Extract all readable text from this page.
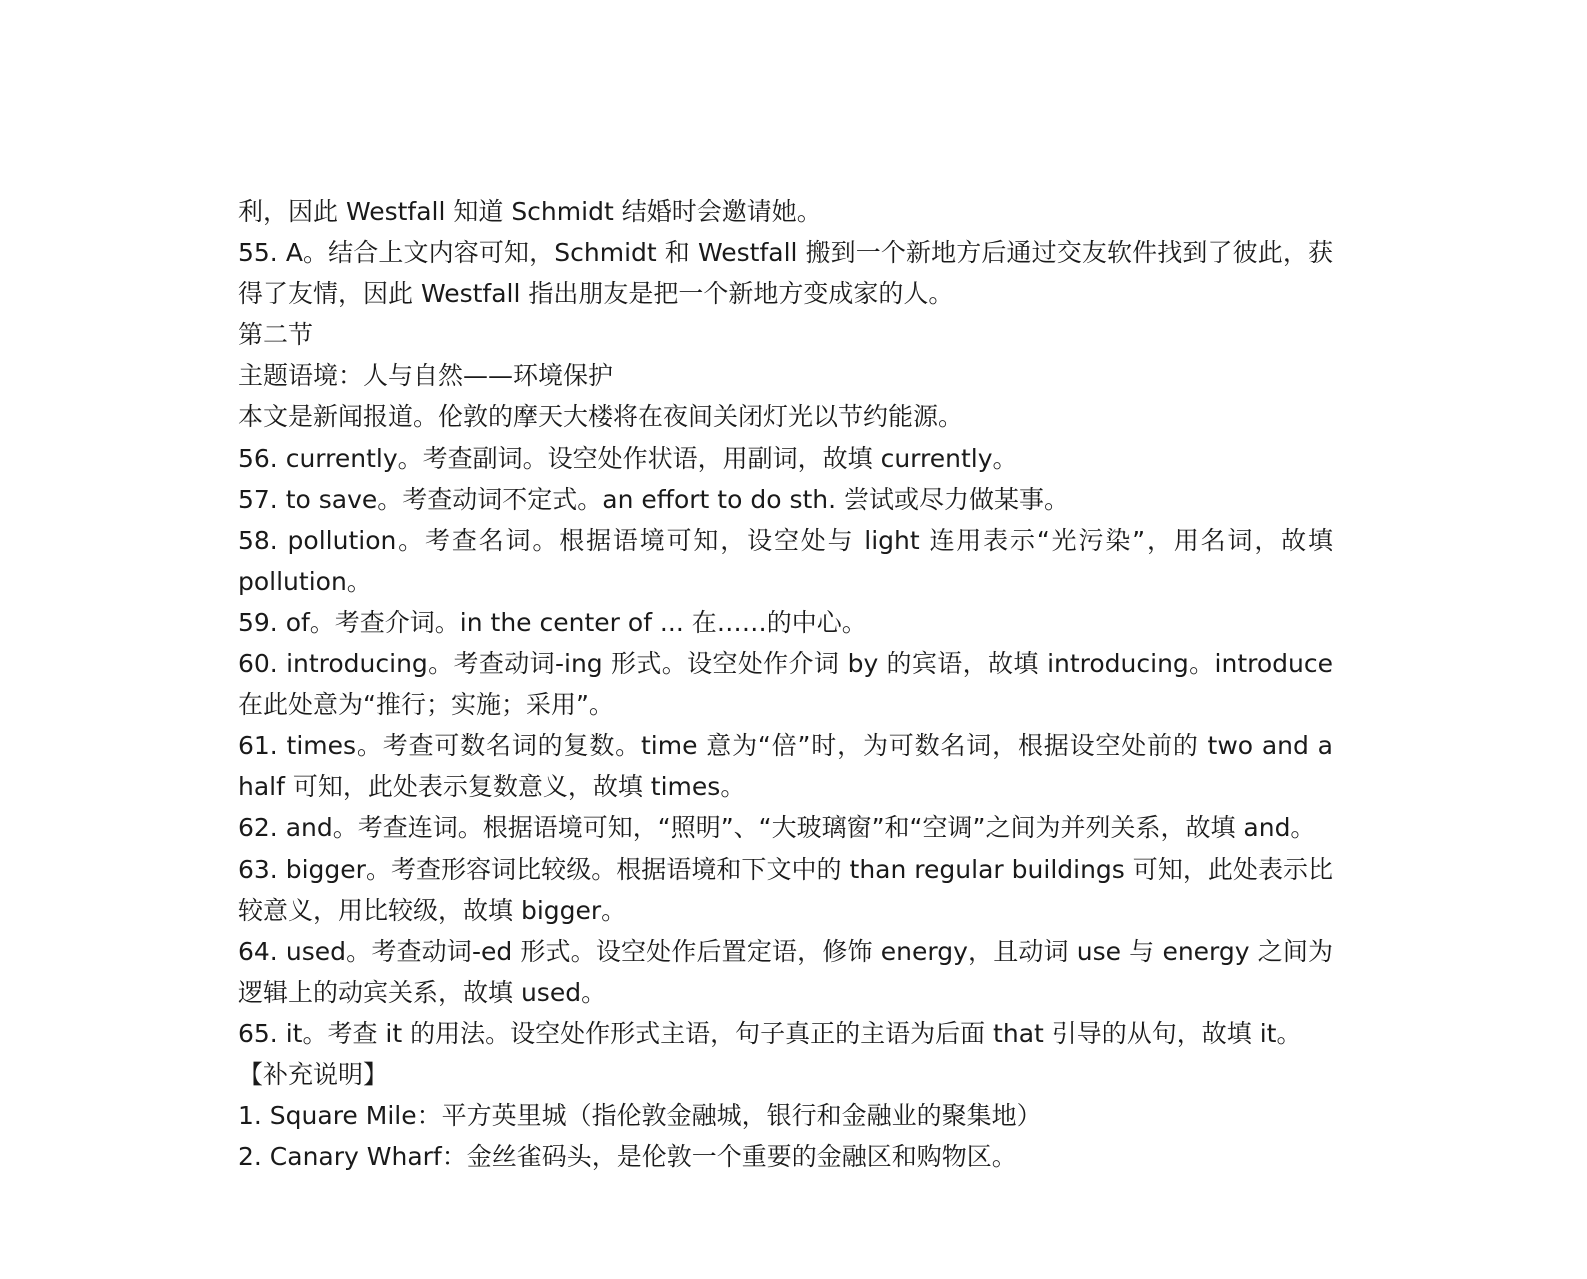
利，因此 Westfall 知道 Schmidt 结婚时会邀请她。

55. A。结合上文内容可知，Schmidt 和 Westfall 搬到一个新地方后通过交友软件找到了彼此，获得了友情，因此 Westfall 指出朋友是把一个新地方变成家的人。

第二节

主题语境：人与自然——环境保护

本文是新闻报道。伦敦的摩天大楼将在夜间关闭灯光以节约能源。

56. currently。考查副词。设空处作状语，用副词，故填 currently。

57. to save。考查动词不定式。an effort to do sth. 尝试或尽力做某事。

58. pollution。考查名词。根据语境可知，设空处与 light 连用表示“光污染”，用名词，故填 pollution。

59. of。考查介词。in the center of ... 在……的中心。

60. introducing。考查动词-ing 形式。设空处作介词 by 的宾语，故填 introducing。introduce 在此处意为“推行；实施；采用”。

61. times。考查可数名词的复数。time 意为“倍”时，为可数名词，根据设空处前的 two and a half 可知，此处表示复数意义，故填 times。

62. and。考查连词。根据语境可知，“照明”、“大玻璃窗”和“空调”之间为并列关系，故填 and。

63. bigger。考查形容词比较级。根据语境和下文中的 than regular buildings 可知，此处表示比较意义，用比较级，故填 bigger。

64. used。考查动词-ed 形式。设空处作后置定语，修饰 energy，且动词 use 与 energy 之间为逻辑上的动宾关系，故填 used。

65. it。考查 it 的用法。设空处作形式主语，句子真正的主语为后面 that 引导的从句，故填 it。

【补充说明】

1. Square Mile：平方英里城（指伦敦金融城，银行和金融业的聚集地）

2. Canary Wharf：金丝雀码头，是伦敦一个重要的金融区和购物区。
